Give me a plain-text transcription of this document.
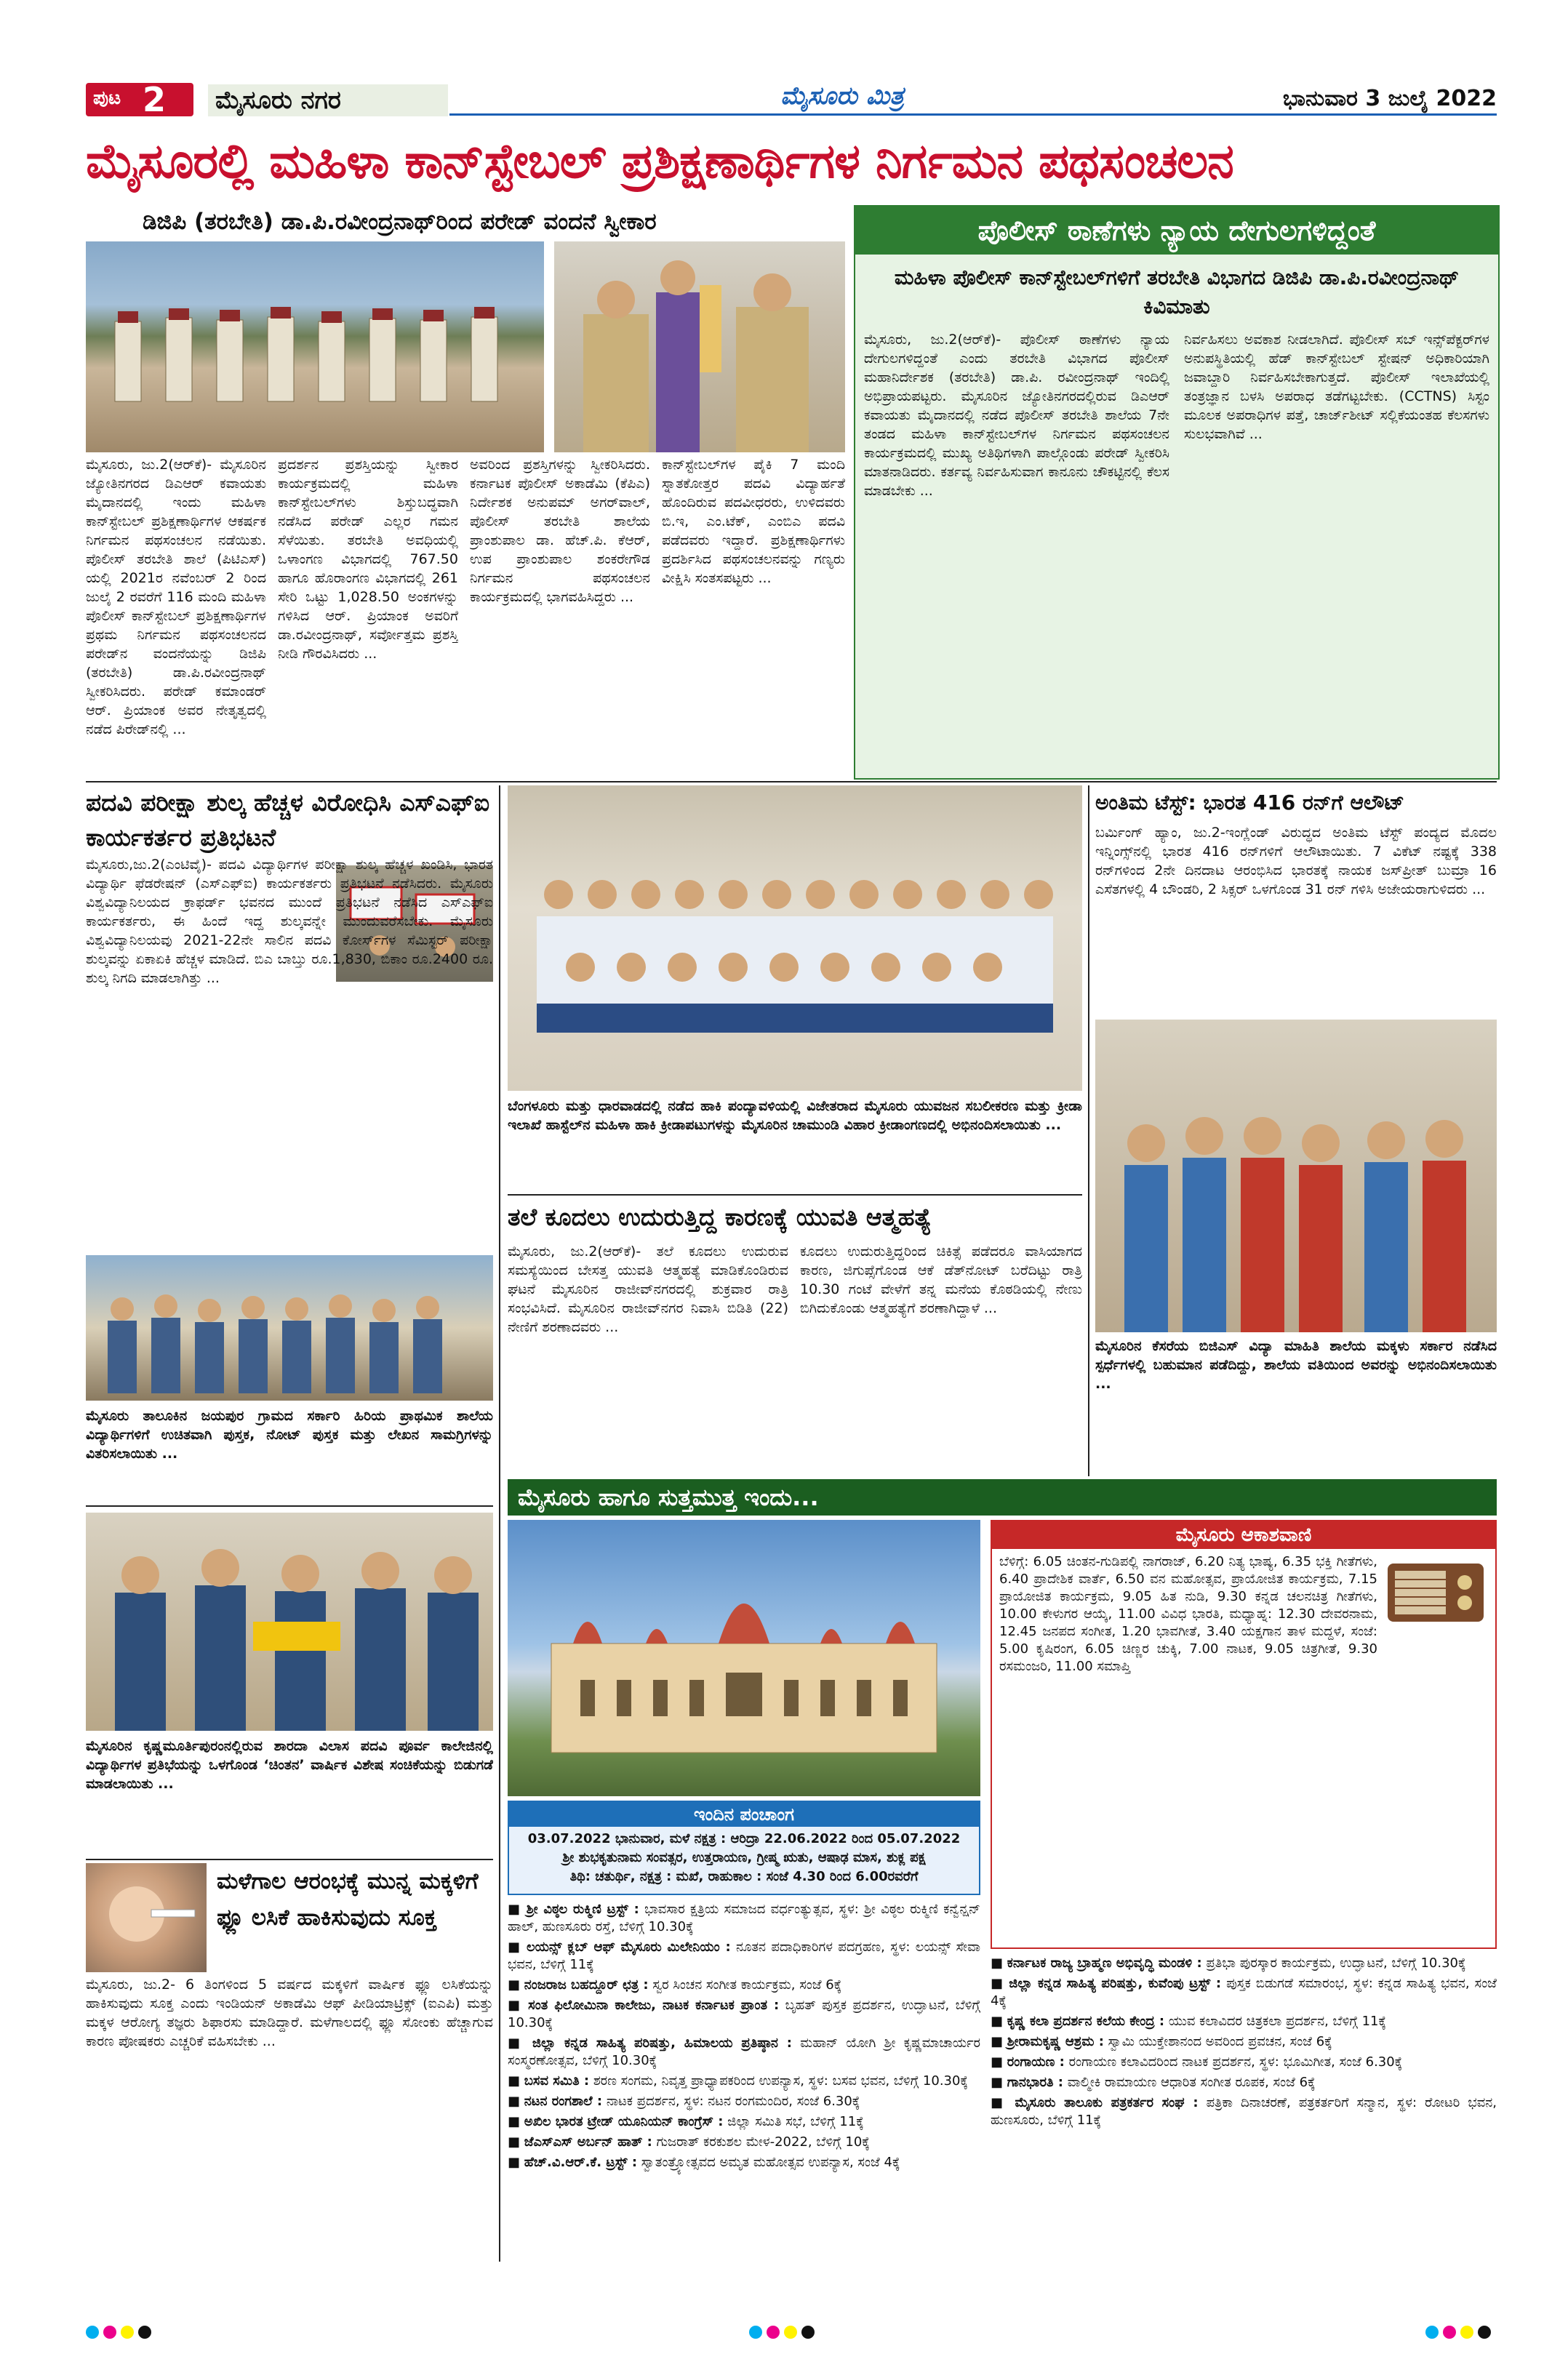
ಪುಟ 2 ಮೈಸೂರು ನಗರ	ಮೈಸೂರು ಮಿತ್ರ	ಭಾನುವಾರ 3 ಜುಲೈ 2022
ಮೈಸೂರಲ್ಲಿ ಮಹಿಳಾ ಕಾನ್‌ಸ್ಟೇಬಲ್ ಪ್ರಶಿಕ್ಷಣಾರ್ಥಿಗಳ ನಿರ್ಗಮನ ಪಥಸಂಚಲನ
ಡಿಜಿಪಿ (ತರಬೇತಿ) ಡಾ.ಪಿ.ರವೀಂದ್ರನಾಥ್‌ರಿಂದ ಪರೇಡ್ ವಂದನೆ ಸ್ವೀಕಾರ
ಮೈಸೂರು, ಜು.2(ಆರ್‌ಕೆ)- ಮೈಸೂರಿನ ಜ್ಯೋತಿನಗರದ ಡಿಎಆರ್ ಕವಾಯತು ಮೈದಾನದಲ್ಲಿ ಇಂದು ಮಹಿಳಾ ಕಾನ್‌ಸ್ಟೇಬಲ್ ಪ್ರಶಿಕ್ಷಣಾರ್ಥಿಗಳ ಆಕರ್ಷಕ ನಿರ್ಗಮನ ಪಥಸಂಚಲನ ನಡೆಯಿತು. ಪೊಲೀಸ್ ತರಬೇತಿ ಶಾಲೆ (ಪಿಟಿಎಸ್) ಯಲ್ಲಿ 2021ರ ನವೆಂಬರ್ 2 ರಿಂದ ಜುಲೈ 2 ರವರೆಗೆ 116 ಮಂದಿ ಮಹಿಳಾ ಪೊಲೀಸ್ ಕಾನ್‌ಸ್ಟೇಬಲ್ ಪ್ರಶಿಕ್ಷಣಾರ್ಥಿಗಳ ಪ್ರಥಮ ನಿರ್ಗಮನ ಪಥಸಂಚಲನದ ಪರೇಡ್‌ನ ವಂದನೆಯನ್ನು ಡಿಜಿಪಿ (ತರಬೇತಿ) ಡಾ.ಪಿ.ರವೀಂದ್ರನಾಥ್ ಸ್ವೀಕರಿಸಿದರು. ಪರೇಡ್ ಕಮಾಂಡರ್ ಆರ್. ಪ್ರಿಯಾಂಕ ಅವರ ನೇತೃತ್ವದಲ್ಲಿ ನಡೆದ ಪಿರೇಡ್‌ನಲ್ಲಿ ...
ಪ್ರದರ್ಶನ ಪ್ರಶಸ್ತಿಯನ್ನು ಸ್ವೀಕಾರ ಕಾರ್ಯಕ್ರಮದಲ್ಲಿ ಮಹಿಳಾ ಕಾನ್‌ಸ್ಟೇಬಲ್‌ಗಳು ಶಿಸ್ತುಬದ್ಧವಾಗಿ ನಡೆಸಿದ ಪರೇಡ್ ಎಲ್ಲರ ಗಮನ ಸೆಳೆಯಿತು. ತರಬೇತಿ ಅವಧಿಯಲ್ಲಿ ಒಳಾಂಗಣ ವಿಭಾಗದಲ್ಲಿ 767.50 ಹಾಗೂ ಹೊರಾಂಗಣ ವಿಭಾಗದಲ್ಲಿ 261 ಸೇರಿ ಒಟ್ಟು 1,028.50 ಅಂಕಗಳನ್ನು ಗಳಿಸಿದ ಆರ್. ಪ್ರಿಯಾಂಕ ಅವರಿಗೆ ಡಾ.ರವೀಂದ್ರನಾಥ್, ಸರ್ವೋತ್ತಮ ಪ್ರಶಸ್ತಿ ನೀಡಿ ಗೌರವಿಸಿದರು ...
ಅವರಿಂದ ಪ್ರಶಸ್ತಿಗಳನ್ನು ಸ್ವೀಕರಿಸಿದರು. ಕರ್ನಾಟಕ ಪೊಲೀಸ್ ಅಕಾಡೆಮಿ (ಕೆಪಿಎ) ನಿರ್ದೇಶಕ ಅನುಪಮ್ ಅಗರ್‌ವಾಲ್, ಪೊಲೀಸ್ ತರಬೇತಿ ಶಾಲೆಯ ಪ್ರಾಂಶುಪಾಲ ಡಾ. ಹೆಚ್.ಪಿ. ಕೆಆರ್, ಉಪ ಪ್ರಾಂಶುಪಾಲ ಶಂಕರೇಗೌಡ ನಿರ್ಗಮನ ಪಥಸಂಚಲನ ಕಾರ್ಯಕ್ರಮದಲ್ಲಿ ಭಾಗವಹಿಸಿದ್ದರು ...
ಕಾನ್‌ಸ್ಟೇಬಲ್‌ಗಳ ಪೈಕಿ 7 ಮಂದಿ ಸ್ನಾತಕೋತ್ತರ ಪದವಿ ವಿದ್ಯಾರ್ಹತೆ ಹೊಂದಿರುವ ಪದವೀಧರರು, ಉಳಿದವರು ಬಿ.ಇ, ಎಂ.ಟೆಕ್, ಎಂಬಿಎ ಪದವಿ ಪಡೆದವರು ಇದ್ದಾರೆ. ಪ್ರಶಿಕ್ಷಣಾರ್ಥಿಗಳು ಪ್ರದರ್ಶಿಸಿದ ಪಥಸಂಚಲನವನ್ನು ಗಣ್ಯರು ವೀಕ್ಷಿಸಿ ಸಂತಸಪಟ್ಟರು ...
ಪೊಲೀಸ್ ಠಾಣೆಗಳು ನ್ಯಾಯ ದೇಗುಲಗಳಿದ್ದಂತೆ
ಮಹಿಳಾ ಪೊಲೀಸ್ ಕಾನ್‌ಸ್ಟೇಬಲ್‌ಗಳಿಗೆ ತರಬೇತಿ ವಿಭಾಗದ ಡಿಜಿಪಿ ಡಾ.ಪಿ.ರವೀಂದ್ರನಾಥ್ ಕಿವಿಮಾತು
ಮೈಸೂರು, ಜು.2(ಆರ್‌ಕೆ)- ಪೊಲೀಸ್ ಠಾಣೆಗಳು ನ್ಯಾಯ ದೇಗುಲಗಳಿದ್ದಂತೆ ಎಂದು ತರಬೇತಿ ವಿಭಾಗದ ಪೊಲೀಸ್ ಮಹಾನಿರ್ದೇಶಕ (ತರಬೇತಿ) ಡಾ.ಪಿ. ರವೀಂದ್ರನಾಥ್ ಇಂದಿಲ್ಲಿ ಅಭಿಪ್ರಾಯಪಟ್ಟರು. ಮೈಸೂರಿನ ಜ್ಯೋತಿನಗರದಲ್ಲಿರುವ ಡಿಎಆರ್ ಕವಾಯತು ಮೈದಾನದಲ್ಲಿ ನಡೆದ ಪೊಲೀಸ್ ತರಬೇತಿ ಶಾಲೆಯ 7ನೇ ತಂಡದ ಮಹಿಳಾ ಕಾನ್‌ಸ್ಟೇಬಲ್‌ಗಳ ನಿರ್ಗಮನ ಪಥಸಂಚಲನ ಕಾರ್ಯಕ್ರಮದಲ್ಲಿ ಮುಖ್ಯ ಅತಿಥಿಗಳಾಗಿ ಪಾಲ್ಗೊಂಡು ಪರೇಡ್ ಸ್ವೀಕರಿಸಿ ಮಾತನಾಡಿದರು. ಕರ್ತವ್ಯ ನಿರ್ವಹಿಸುವಾಗ ಕಾನೂನು ಚೌಕಟ್ಟಿನಲ್ಲಿ ಕೆಲಸ ಮಾಡಬೇಕು ...
ನಿರ್ವಹಿಸಲು ಅವಕಾಶ ನೀಡಲಾಗಿದೆ. ಪೊಲೀಸ್ ಸಬ್ ಇನ್ಸ್‌ಪೆಕ್ಟರ್‌ಗಳ ಅನುಪಸ್ಥಿತಿಯಲ್ಲಿ ಹೆಡ್ ಕಾನ್‌ಸ್ಟೇಬಲ್ ಸ್ಟೇಷನ್ ಅಧಿಕಾರಿಯಾಗಿ ಜವಾಬ್ದಾರಿ ನಿರ್ವಹಿಸಬೇಕಾಗುತ್ತದೆ. ಪೊಲೀಸ್ ಇಲಾಖೆಯಲ್ಲಿ ತಂತ್ರಜ್ಞಾನ ಬಳಸಿ ಅಪರಾಧ ತಡೆಗಟ್ಟಬೇಕು. (CCTNS) ಸಿಸ್ಟಂ ಮೂಲಕ ಅಪರಾಧಿಗಳ ಪತ್ತೆ, ಚಾರ್ಜ್‌ಶೀಟ್ ಸಲ್ಲಿಕೆಯಂತಹ ಕೆಲಸಗಳು ಸುಲಭವಾಗಿವೆ ...
ಪದವಿ ಪರೀಕ್ಷಾ ಶುಲ್ಕ ಹೆಚ್ಚಳ ವಿರೋಧಿಸಿ ಎಸ್‌ಎಫ್‌ಐ ಕಾರ್ಯಕರ್ತರ ಪ್ರತಿಭಟನೆ
ಮೈಸೂರು,ಜು.2(ಎಂಟಿವೈ)- ಪದವಿ ವಿದ್ಯಾರ್ಥಿಗಳ ಪರೀಕ್ಷಾ ಶುಲ್ಕ ಹೆಚ್ಚಳ ಖಂಡಿಸಿ, ಭಾರತ ವಿದ್ಯಾರ್ಥಿ ಫೆಡರೇಷನ್ (ಎಸ್‌ಎಫ್‌ಐ) ಕಾರ್ಯಕರ್ತರು ಪ್ರತಿಭಟನೆ ನಡೆಸಿದರು. ಮೈಸೂರು ವಿಶ್ವವಿದ್ಯಾನಿಲಯದ ಕ್ರಾಫರ್ಡ್ ಭವನದ ಮುಂದೆ ಪ್ರತಿಭಟನೆ ನಡೆಸಿದ ಎಸ್‌ಎಫ್‌ಐ ಕಾರ್ಯಕರ್ತರು, ಈ ಹಿಂದೆ ಇದ್ದ ಶುಲ್ಕವನ್ನೇ ಮುಂದುವರೆಸಬೇಕು. ಮೈಸೂರು ವಿಶ್ವವಿದ್ಯಾನಿಲಯವು 2021-22ನೇ ಸಾಲಿನ ಪದವಿ ಕೋರ್ಸ್‌ಗಳ ಸೆಮಿಸ್ಟರ್ ಪರೀಕ್ಷಾ ಶುಲ್ಕವನ್ನು ಏಕಾಏಕಿ ಹೆಚ್ಚಳ ಮಾಡಿದೆ. ಬಿಎ ಬಾಬ್ತು ರೂ.1,830, ಬಿಕಾಂ ರೂ.2400 ರೂ. ಶುಲ್ಕ ನಿಗದಿ ಮಾಡಲಾಗಿತ್ತು ...
ಮೈಸೂರು ತಾಲೂಕಿನ ಜಯಪುರ ಗ್ರಾಮದ ಸರ್ಕಾರಿ ಹಿರಿಯ ಪ್ರಾಥಮಿಕ ಶಾಲೆಯ ವಿದ್ಯಾರ್ಥಿಗಳಿಗೆ ಉಚಿತವಾಗಿ ಪುಸ್ತಕ, ನೋಟ್ ಪುಸ್ತಕ ಮತ್ತು ಲೇಖನ ಸಾಮಗ್ರಿಗಳನ್ನು ವಿತರಿಸಲಾಯಿತು ...
ಮೈಸೂರಿನ ಕೃಷ್ಣಮೂರ್ತಿಪುರಂನಲ್ಲಿರುವ ಶಾರದಾ ವಿಲಾಸ ಪದವಿ ಪೂರ್ವ ಕಾಲೇಜಿನಲ್ಲಿ ವಿದ್ಯಾರ್ಥಿಗಳ ಪ್ರತಿಭೆಯನ್ನು ಒಳಗೊಂಡ ‘ಚಿಂತನ’ ವಾರ್ಷಿಕ ವಿಶೇಷ ಸಂಚಿಕೆಯನ್ನು ಬಿಡುಗಡೆ ಮಾಡಲಾಯಿತು ...
ಮಳೆಗಾಲ ಆರಂಭಕ್ಕೆ ಮುನ್ನ ಮಕ್ಕಳಿಗೆ ಫ್ಲೂ ಲಸಿಕೆ ಹಾಕಿಸುವುದು ಸೂಕ್ತ
ಮೈಸೂರು, ಜು.2- 6 ತಿಂಗಳಿಂದ 5 ವರ್ಷದ ಮಕ್ಕಳಿಗೆ ವಾರ್ಷಿಕ ಫ್ಲೂ ಲಸಿಕೆಯನ್ನು ಹಾಕಿಸುವುದು ಸೂಕ್ತ ಎಂದು ಇಂಡಿಯನ್ ಅಕಾಡೆಮಿ ಆಫ್ ಪೀಡಿಯಾಟ್ರಿಕ್ಸ್ (ಐಎಪಿ) ಮತ್ತು ಮಕ್ಕಳ ಆರೋಗ್ಯ ತಜ್ಞರು ಶಿಫಾರಸು ಮಾಡಿದ್ದಾರೆ. ಮಳೆಗಾಲದಲ್ಲಿ ಫ್ಲೂ ಸೋಂಕು ಹೆಚ್ಚಾಗುವ ಕಾರಣ ಪೋಷಕರು ಎಚ್ಚರಿಕೆ ವಹಿಸಬೇಕು ...
ಬೆಂಗಳೂರು ಮತ್ತು ಧಾರವಾಡದಲ್ಲಿ ನಡೆದ ಹಾಕಿ ಪಂದ್ಯಾವಳಿಯಲ್ಲಿ ವಿಜೇತರಾದ ಮೈಸೂರು ಯುವಜನ ಸಬಲೀಕರಣ ಮತ್ತು ಕ್ರೀಡಾ ಇಲಾಖೆ ಹಾಸ್ಟೆಲ್‌ನ ಮಹಿಳಾ ಹಾಕಿ ಕ್ರೀಡಾಪಟುಗಳನ್ನು ಮೈಸೂರಿನ ಚಾಮುಂಡಿ ವಿಹಾರ ಕ್ರೀಡಾಂಗಣದಲ್ಲಿ ಅಭಿನಂದಿಸಲಾಯಿತು ...
ತಲೆ ಕೂದಲು ಉದುರುತ್ತಿದ್ದ ಕಾರಣಕ್ಕೆ ಯುವತಿ ಆತ್ಮಹತ್ಯೆ
ಮೈಸೂರು, ಜು.2(ಆರ್‌ಕೆ)- ತಲೆ ಕೂದಲು ಉದುರುವ ಸಮಸ್ಯೆಯಿಂದ ಬೇಸತ್ತ ಯುವತಿ ಆತ್ಮಹತ್ಯೆ ಮಾಡಿಕೊಂಡಿರುವ ಘಟನೆ ಮೈಸೂರಿನ ರಾಜೀವ್‌ನಗರದಲ್ಲಿ ಶುಕ್ರವಾರ ರಾತ್ರಿ ಸಂಭವಿಸಿದೆ. ಮೈಸೂರಿನ ರಾಜೀವ್‌ನಗರ ನಿವಾಸಿ ಬಿಡಿತಿ (22) ನೇಣಿಗೆ ಶರಣಾದವರು ...
ಕೂದಲು ಉದುರುತ್ತಿದ್ದರಿಂದ ಚಿಕಿತ್ಸೆ ಪಡೆದರೂ ವಾಸಿಯಾಗದ ಕಾರಣ, ಜಿಗುಪ್ಸೆಗೊಂಡ ಆಕೆ ಡೆತ್‌ನೋಟ್ ಬರೆದಿಟ್ಟು ರಾತ್ರಿ 10.30 ಗಂಟೆ ವೇಳೆಗೆ ತನ್ನ ಮನೆಯ ಕೊಠಡಿಯಲ್ಲಿ ನೇಣು ಬಿಗಿದುಕೊಂಡು ಆತ್ಮಹತ್ಯೆಗೆ ಶರಣಾಗಿದ್ದಾಳೆ ...
ಅಂತಿಮ ಟೆಸ್ಟ್: ಭಾರತ 416 ರನ್‌ಗೆ ಆಲೌಟ್
ಬರ್ಮಿಂಗ್ ಹ್ಯಾಂ, ಜು.2-ಇಂಗ್ಲೆಂಡ್ ವಿರುದ್ಧದ ಅಂತಿಮ ಟೆಸ್ಟ್ ಪಂದ್ಯದ ಮೊದಲ ಇನ್ನಿಂಗ್ಸ್‌ನಲ್ಲಿ ಭಾರತ 416 ರನ್‌ಗಳಿಗೆ ಆಲೌಟಾಯಿತು. 7 ವಿಕೆಟ್ ನಷ್ಟಕ್ಕೆ 338 ರನ್‌ಗಳಿಂದ 2ನೇ ದಿನದಾಟ ಆರಂಭಿಸಿದ ಭಾರತಕ್ಕೆ ನಾಯಕ ಜಸ್‌ಪ್ರೀತ್ ಬುಮ್ರಾ 16 ಎಸೆತಗಳಲ್ಲಿ 4 ಬೌಂಡರಿ, 2 ಸಿಕ್ಸರ್ ಒಳಗೊಂಡ 31 ರನ್ ಗಳಿಸಿ ಅಜೇಯರಾಗುಳಿದರು ...
ಮೈಸೂರಿನ ಕೆಸರೆಯ ಬಿಜಿಎಸ್ ವಿದ್ಯಾ ಮಾಹಿತಿ ಶಾಲೆಯ ಮಕ್ಕಳು ಸರ್ಕಾರ ನಡೆಸಿದ ಸ್ಪರ್ಧೆಗಳಲ್ಲಿ ಬಹುಮಾನ ಪಡೆದಿದ್ದು, ಶಾಲೆಯ ವತಿಯಿಂದ ಅವರನ್ನು ಅಭಿನಂದಿಸಲಾಯಿತು ...
ಮೈಸೂರು ಹಾಗೂ ಸುತ್ತಮುತ್ತ ಇಂದು...
ಇಂದಿನ ಪಂಚಾಂಗ
03.07.2022 ಭಾನುವಾರ, ಮಳೆ ನಕ್ಷತ್ರ : ಆರಿದ್ರಾ 22.06.2022 ರಿಂದ 05.07.2022
ಶ್ರೀ ಶುಭಕೃತುನಾಮ ಸಂವತ್ಸರ, ಉತ್ತರಾಯಣ, ಗ್ರೀಷ್ಮ ಋತು, ಆಷಾಢ ಮಾಸ, ಶುಕ್ಲ ಪಕ್ಷ
ತಿಥಿ: ಚತುರ್ಥಿ, ನಕ್ಷತ್ರ : ಮಖೆ, ರಾಹುಕಾಲ : ಸಂಜೆ 4.30 ರಿಂದ 6.00ರವರೆಗೆ
■ ಶ್ರೀ ವಿಠ್ಠಲ ರುಕ್ಮಿಣಿ ಟ್ರಸ್ಟ್ : ಭಾವಸಾರ ಕ್ಷತ್ರಿಯ ಸಮಾಜದ ವರ್ಧಂತ್ಯುತ್ಸವ, ಸ್ಥಳ: ಶ್ರೀ ವಿಠ್ಠಲ ರುಕ್ಮಿಣಿ ಕನ್ವೆನ್ಷನ್ ಹಾಲ್, ಹುಣಸೂರು ರಸ್ತೆ, ಬೆಳಿಗ್ಗೆ 10.30ಕ್ಕೆ
■ ಲಯನ್ಸ್ ಕ್ಲಬ್ ಆಫ್ ಮೈಸೂರು ಮಿಲೇನಿಯಂ : ನೂತನ ಪದಾಧಿಕಾರಿಗಳ ಪದಗ್ರಹಣ, ಸ್ಥಳ: ಲಯನ್ಸ್ ಸೇವಾ ಭವನ, ಬೆಳಿಗ್ಗೆ 11ಕ್ಕೆ
■ ನಂಜರಾಜ ಬಹದ್ದೂರ್ ಛತ್ರ : ಸ್ವರ ಸಿಂಚನ ಸಂಗೀತ ಕಾರ್ಯಕ್ರಮ, ಸಂಜೆ 6ಕ್ಕೆ
■ ಸಂತ ಫಿಲೋಮಿನಾ ಕಾಲೇಜು, ನಾಟಕ ಕರ್ನಾಟಕ ಪ್ರಾಂತ : ಬೃಹತ್ ಪುಸ್ತಕ ಪ್ರದರ್ಶನ, ಉದ್ಘಾಟನೆ, ಬೆಳಿಗ್ಗೆ 10.30ಕ್ಕೆ
■ ಜಿಲ್ಲಾ ಕನ್ನಡ ಸಾಹಿತ್ಯ ಪರಿಷತ್ತು, ಹಿಮಾಲಯ ಪ್ರತಿಷ್ಠಾನ : ಮಹಾನ್ ಯೋಗಿ ಶ್ರೀ ಕೃಷ್ಣಮಾಚಾರ್ಯರ ಸಂಸ್ಮರಣೋತ್ಸವ, ಬೆಳಿಗ್ಗೆ 10.30ಕ್ಕೆ
■ ಬಸವ ಸಮಿತಿ : ಶರಣ ಸಂಗಮ, ನಿವೃತ್ತ ಪ್ರಾಧ್ಯಾಪಕರಿಂದ ಉಪನ್ಯಾಸ, ಸ್ಥಳ: ಬಸವ ಭವನ, ಬೆಳಿಗ್ಗೆ 10.30ಕ್ಕೆ
■ ನಟನ ರಂಗಶಾಲೆ : ನಾಟಕ ಪ್ರದರ್ಶನ, ಸ್ಥಳ: ನಟನ ರಂಗಮಂದಿರ, ಸಂಜೆ 6.30ಕ್ಕೆ
■ ಅಖಿಲ ಭಾರತ ಟ್ರೇಡ್ ಯೂನಿಯನ್ ಕಾಂಗ್ರೆಸ್ : ಜಿಲ್ಲಾ ಸಮಿತಿ ಸಭೆ, ಬೆಳಿಗ್ಗೆ 11ಕ್ಕೆ
■ ಜೆಎಸ್‌ಎಸ್ ಅರ್ಬನ್ ಹಾತ್ : ಗುಜರಾತ್ ಕರಕುಶಲ ಮೇಳ-2022, ಬೆಳಿಗ್ಗೆ 10ಕ್ಕೆ
■ ಹೆಚ್.ವಿ.ಆರ್.ಕೆ. ಟ್ರಸ್ಟ್ : ಸ್ವಾತಂತ್ರ್ಯೋತ್ಸವದ ಅಮೃತ ಮಹೋತ್ಸವ ಉಪನ್ಯಾಸ, ಸಂಜೆ 4ಕ್ಕೆ
ಮೈಸೂರು ಆಕಾಶವಾಣಿ
ಬೆಳಿಗ್ಗೆ: 6.05 ಚಿಂತನ-ಗುಡಿಪಲ್ಲಿ ನಾಗರಾಜ್, 6.20 ನಿತ್ಯ ಭಾಷ್ಯ, 6.35 ಭಕ್ತಿ ಗೀತೆಗಳು, 6.40 ಪ್ರಾದೇಶಿಕ ವಾರ್ತೆ, 6.50 ವನ ಮಹೋತ್ಸವ, ಪ್ರಾಯೋಜಿತ ಕಾರ್ಯಕ್ರಮ, 7.15 ಪ್ರಾಯೋಜಿತ ಕಾರ್ಯಕ್ರಮ, 9.05 ಹಿತ ನುಡಿ, 9.30 ಕನ್ನಡ ಚಲನಚಿತ್ರ ಗೀತೆಗಳು, 10.00 ಕೇಳುಗರ ಆಯ್ಕೆ, 11.00 ವಿವಿಧ ಭಾರತಿ, ಮಧ್ಯಾಹ್ನ: 12.30 ದೇವರನಾಮ, 12.45 ಜನಪದ ಸಂಗೀತ, 1.20 ಭಾವಗೀತೆ, 3.40 ಯಕ್ಷಗಾನ ತಾಳ ಮದ್ದಳೆ, ಸಂಜೆ: 5.00 ಕೃಷಿರಂಗ, 6.05 ಚಿಣ್ಣರ ಚುಕ್ಕಿ, 7.00 ನಾಟಕ, 9.05 ಚಿತ್ರಗೀತೆ, 9.30 ರಸಮಂಜರಿ, 11.00 ಸಮಾಪ್ತಿ
■ ಕರ್ನಾಟಕ ರಾಜ್ಯ ಬ್ರಾಹ್ಮಣ ಅಭಿವೃದ್ಧಿ ಮಂಡಳಿ : ಪ್ರತಿಭಾ ಪುರಸ್ಕಾರ ಕಾರ್ಯಕ್ರಮ, ಉದ್ಘಾಟನೆ, ಬೆಳಿಗ್ಗೆ 10.30ಕ್ಕೆ
■ ಜಿಲ್ಲಾ ಕನ್ನಡ ಸಾಹಿತ್ಯ ಪರಿಷತ್ತು, ಕುವೆಂಪು ಟ್ರಸ್ಟ್ : ಪುಸ್ತಕ ಬಿಡುಗಡೆ ಸಮಾರಂಭ, ಸ್ಥಳ: ಕನ್ನಡ ಸಾಹಿತ್ಯ ಭವನ, ಸಂಜೆ 4ಕ್ಕೆ
■ ಕೃಷ್ಣ ಕಲಾ ಪ್ರದರ್ಶನ ಕಲೆಯ ಕೇಂದ್ರ : ಯುವ ಕಲಾವಿದರ ಚಿತ್ರಕಲಾ ಪ್ರದರ್ಶನ, ಬೆಳಿಗ್ಗೆ 11ಕ್ಕೆ
■ ಶ್ರೀರಾಮಕೃಷ್ಣ ಆಶ್ರಮ : ಸ್ವಾಮಿ ಯುಕ್ತೇಶಾನಂದ ಅವರಿಂದ ಪ್ರವಚನ, ಸಂಜೆ 6ಕ್ಕೆ
■ ರಂಗಾಯಣ : ರಂಗಾಯಣ ಕಲಾವಿದರಿಂದ ನಾಟಕ ಪ್ರದರ್ಶನ, ಸ್ಥಳ: ಭೂಮಿಗೀತ, ಸಂಜೆ 6.30ಕ್ಕೆ
■ ಗಾನಭಾರತಿ : ವಾಲ್ಮೀಕಿ ರಾಮಾಯಣ ಆಧಾರಿತ ಸಂಗೀತ ರೂಪಕ, ಸಂಜೆ 6ಕ್ಕೆ
■ ಮೈಸೂರು ತಾಲೂಕು ಪತ್ರಕರ್ತರ ಸಂಘ : ಪತ್ರಿಕಾ ದಿನಾಚರಣೆ, ಪತ್ರಕರ್ತರಿಗೆ ಸನ್ಮಾನ, ಸ್ಥಳ: ರೋಟರಿ ಭವನ, ಹುಣಸೂರು, ಬೆಳಿಗ್ಗೆ 11ಕ್ಕೆ
